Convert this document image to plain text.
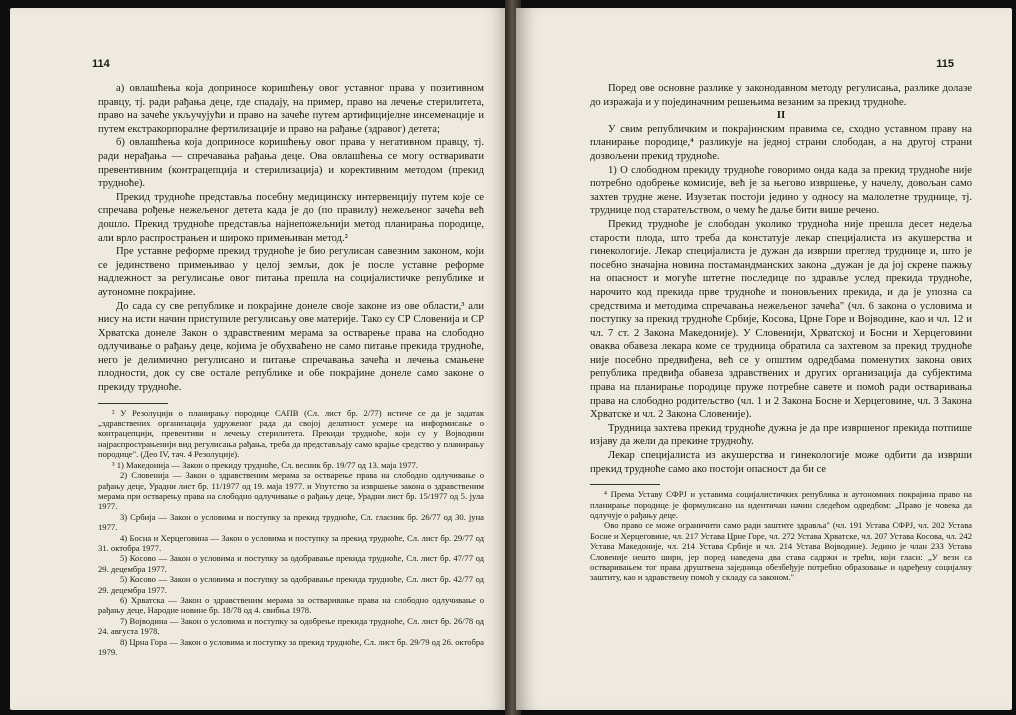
114

а) овлашћења која доприносе коришћењу овог уставног права у позитивном правцу, тј. ради рађања деце, где спадају, на пример, право на лечење стерилитета, право на зачеће укључујући и право на зачеће путем артифицијелне инсеменације и путем екстракорпоралне фертилизације и право на рађање (здравог) детета;

б) овлашћења која доприносе коришћењу овог права у негативном правцу, тј. ради нерађања — спречавања рађања деце. Ова овлашћења се могу остваривати превентивним (контрацепција и стерилизација) и корективним методом (прекид трудноће).

Прекид трудноће представља посебну медицинску интервенцију путем које се спречава рођење нежељеног детета када је до (по правилу) нежељеног зачећа већ дошло. Прекид трудноће представља најнепожељнији метод планирања породице, али врло распрострањен и широко примењиван метод.²

Пре уставне реформе прекид трудноће је био регулисан савезним законом, који се јединствено примењивао у целој земљи, док је после уставне реформе надлежност за регулисање овог питања прешла на социјалистичке републике и аутономне покрајине.

До сада су све републике и покрајине донеле своје законе из ове области,³ али нису на исти начин приступиле регулисању ове материје. Тако су СР Словенија и СР Хрватска донеле Закон о здравственим мерама за остварење права на слободно одлучивање о рађању деце, којима је обухваћено не само питање прекида трудноће, него је делимично регулисано и питање спречавања зачећа и лечења смањене плодности, док су све остале републике и обе покрајине донеле само законе о прекиду трудноће.

² У Резолуцији о планирању породице САПВ (Сл. лист бр. 2/77) истиче се да је задатак „здравствених организација удруженог рада да својој делатност усмере на информисање о контрацепцији, превентиви и лечењу стерилитета. Прекиди трудноће, који су у Војводини најраспрострањенији вид регулисања рађања, треба да представљају само крајње средство у планирању породице". (Део IV, тач. 4 Резолуције).

³ 1) Македонија — Закон о прекиду трудноће, Сл. весник бр. 19/77 од 13. маја 1977.

2) Словенија — Закон о здравственим мерама за остварење права на слободно одлучивање о рађању деце, Урадни лист бр. 11/1977 од 19. маја 1977. и Упутство за извршење закона о здравственим мерама при остварењу права на слободно одлучивање о рађању деце, Урадни лист бр. 15/1977 од 5. јула 1977.

3) Србија — Закон о условима и поступку за прекид трудноће, Сл. гласник бр. 26/77 од 30. јуна 1977.

4) Босна и Херцеговина — Закон о условима и поступку за прекид трудноће, Сл. лист бр. 29/77 од 31. октобра 1977.

5) Косово — Закон о условима и поступку за одобравање прекида трудноће, Сл. лист бр. 47/77 од 29. децембра 1977.

5) Косово — Закон о условима и поступку за одобравање прекида трудноће, Сл. лист бр. 42/77 од 29. децембра 1977.

6) Хрватска — Закон о здравственим мерама за остваривање права на слободно одлучивање о рађању деце, Народне новине бр. 18/78 од 4. свибња 1978.

7) Војводина — Закон о условима и поступку за одобрење прекида трудноће, Сл. лист бр. 26/78 од 24. августа 1978.

8) Црна Гора — Закон о условима и поступку за прекид трудноће, Сл. лист бр. 29/79 од 26. октобра 1979.

115

Поред ове основне разлике у законодавном методу регулисања, разлике долазе до изражаја и у појединачним решењима везаним за прекид трудноће.

II

У свим републичким и покрајинским правима се, сходно уставном праву на планирање породице,⁴ разликује на једној страни слободан, а на другој страни дозвољени прекид трудноће.

1) О слободном прекиду трудноће говоримо онда када за прекид трудноће није потребно одобрење комисије, већ је за његово извршење, у начелу, довољан само захтев труднe жене. Изузетак постоји једино у односу на малолетне труднице, тј. труднице под старатељством, о чему ће даље бити више речено.

Прекид трудноће је слободан уколико трудноћа није прешла десет недеља старости плода, што треба да констатује лекар специјалиста из акушерства и гинекологије. Лекар специјалиста је дужан да изврши преглед труднице и, што је посебно значајна новина постамандманских закона „дужан је да јој скрене пажњу на опасност и могуће штетне последице по здравље услед прекида трудноће, нарочито код прекида прве трудноће и поновљених прекида, и да је упозна са средствима и методима спречавања нежељеног зачећа" (чл. 6 закона о условима и поступку за прекид трудноће Србије, Косова, Црне Горе и Војводине, као и чл. 12 и чл. 7 ст. 2 Закона Македоније). У Словенији, Хрватској и Босни и Херцеговини оваква обавеза лекара коме се трудница обратила са захтевом за прекид трудноће није посебно предвиђена, већ се у општим одредбама поменутих закона ових република предвиђа обавеза здравствених и других организација да субјектима права на планирање породице пруже потребне савете и помоћ ради остваривања права на слободно родитељство (чл. 1 и 2 Закона Босне и Херцеговине, чл. 3 Закона Хрватске и чл. 2 Закона Словеније).

Трудница захтева прекид трудноће дужна је да пре извршеног прекида потпише изјаву да жели да прекине трудноћу.

Лекар специјалиста из акушерства и гинекологије може одбити да изврши прекид трудноће само ако постоји опасност да би се

⁴ Према Уставу СФРЈ и уставима социјалистичких република и аутономних покрајина право на планирање породице је формулисано на идентичан начин следећом одредбом: „Право је човека да одлучује о рађању деце.

Ово право се може ограничити само ради заштите здравља" (чл. 191 Устава СФРЈ, чл. 202 Устава Босне и Херцеговине, чл. 217 Устава Црне Горе, чл. 272 Устава Хрватске, чл. 207 Устава Косова, чл. 242 Устава Македоније, чл. 214 Устава Србије и чл. 214 Устава Војводине). Једино је члан 233 Устава Словеније нешто шири, јер поред наведена два става садржи и трећи, који гласи: „У вези са остваривањем тог права друштвена заједница обезбеђује потребно образовање и одређену социјалну заштиту, као и здравствену помоћ у складу са законом."
